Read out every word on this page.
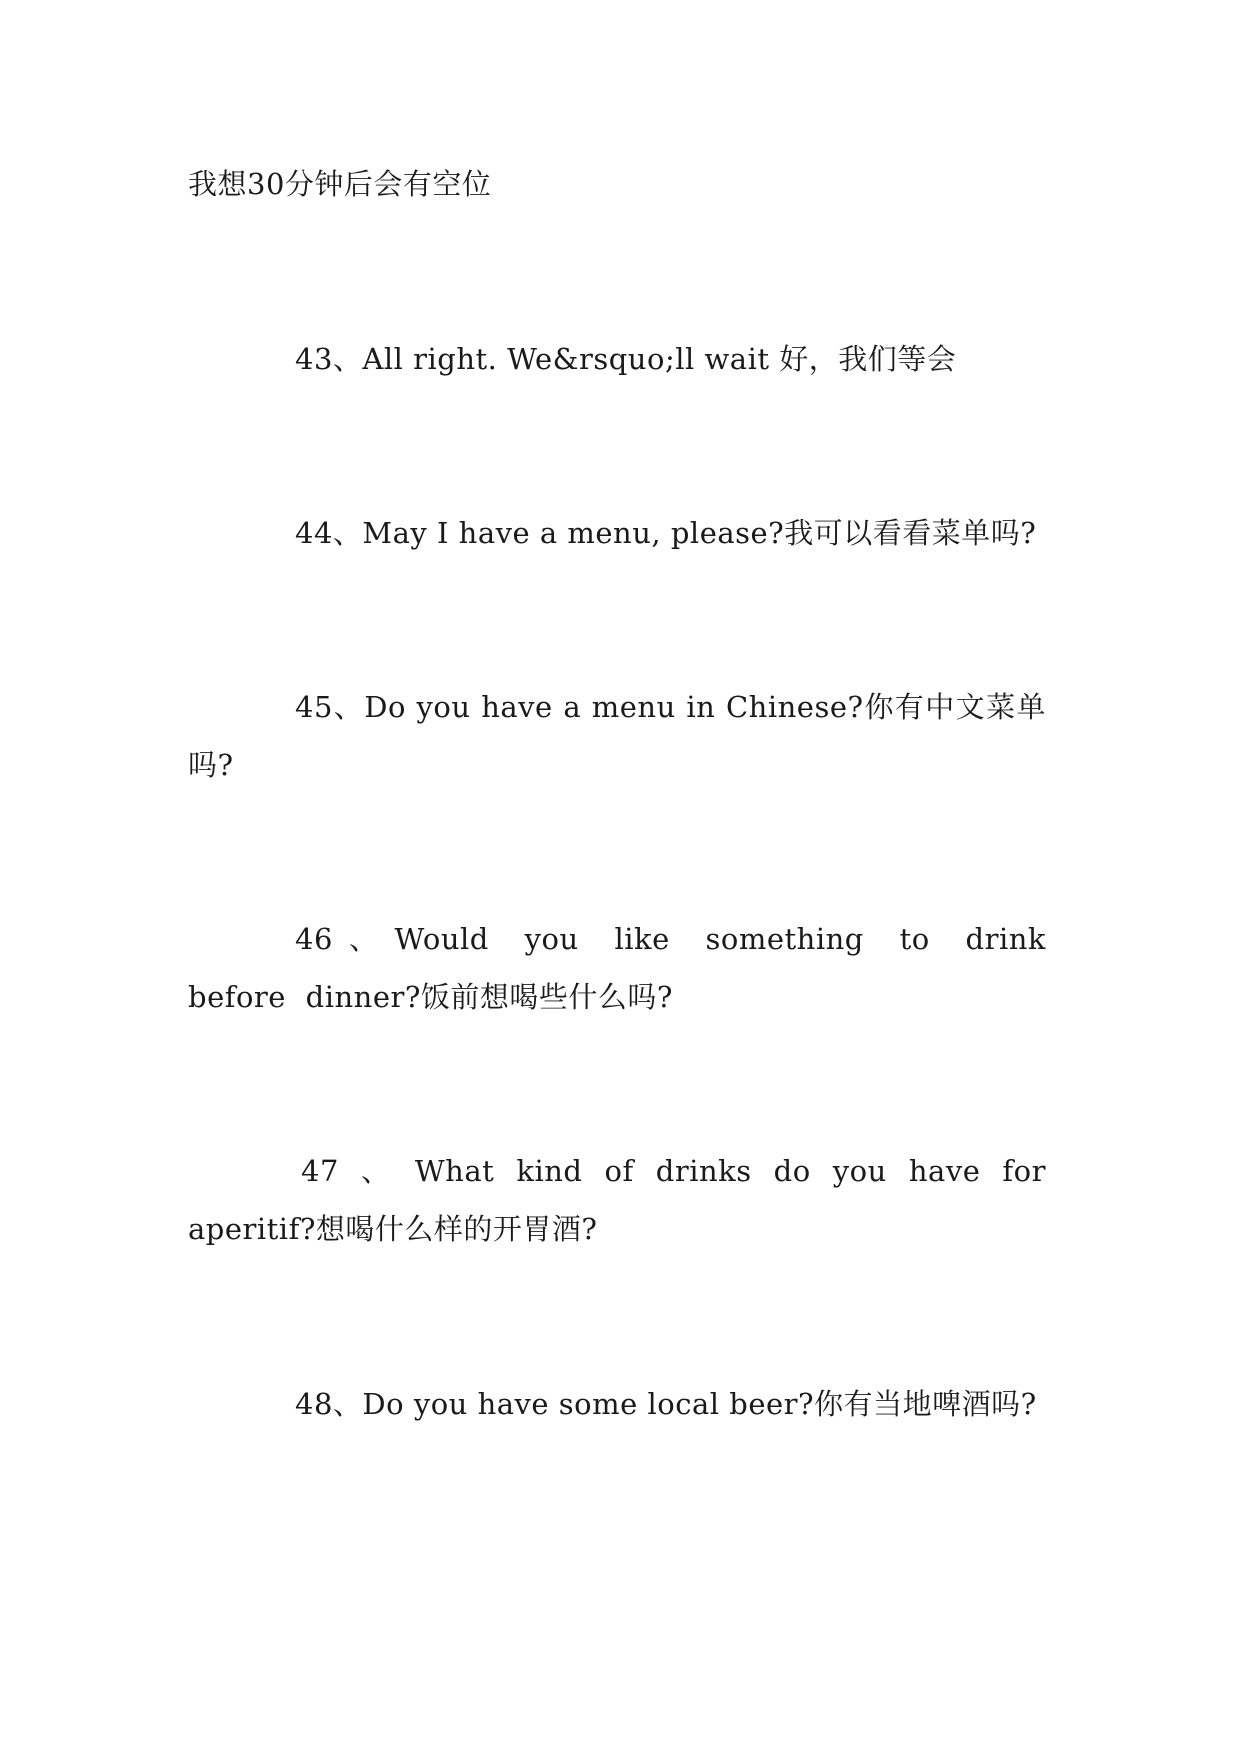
我想30分钟后会有空位

43、All right. We&rsquo;ll wait 好，我们等会

44、May I have a menu, please?我可以看看菜单吗?

45、Do you have a menu in Chinese?你有中文菜单吗?

46、Would you like something to drink before dinner?饭前想喝些什么吗?

47 、 What kind of drinks do you have for aperitif?想喝什么样的开胃酒?

48、Do you have some local beer?你有当地啤酒吗?
